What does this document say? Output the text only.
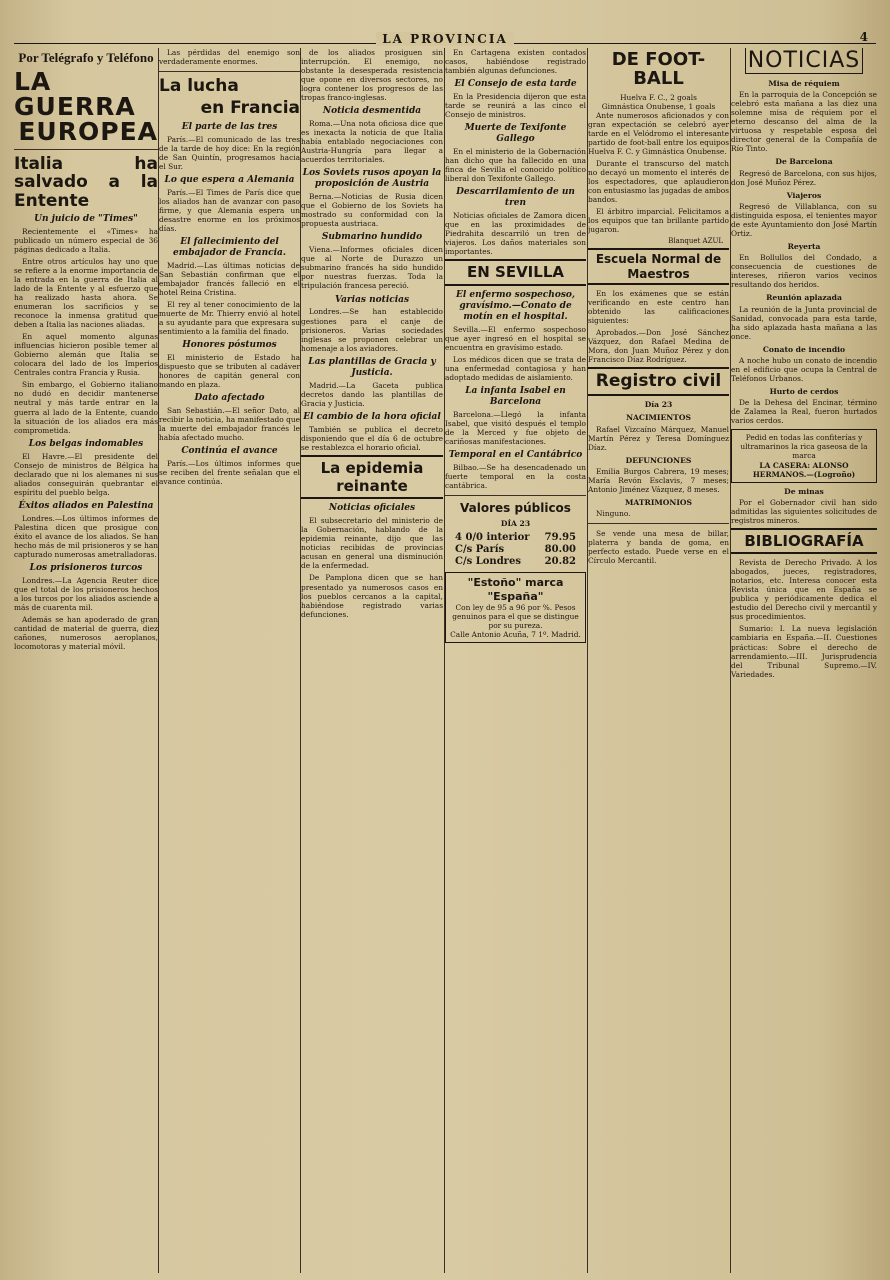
LA PROVINCIA	4
Por Telégrafo y Teléfono
LA GUERRA
EUROPEA
Italia ha salvado a la Entente
Un juicio de "Times"

Recientemente el «Times» ha publicado un número especial de 36 páginas dedicado a Italia.

Entre otros artículos hay uno que se refiere a la enorme importancia de la entrada en la guerra de Italia al lado de la Entente y al esfuerzo que ha realizado hasta ahora. Se enumeran los sacrificios y se reconoce la inmensa gratitud que deben a Italia las naciones aliadas.

En aquel momento algunas influencias hicieron posible temer al Gobierno alemán que Italia se colocara del lado de los Imperios Centrales contra Francia y Rusia.

Sin embargo, el Gobierno italiano no dudó en decidir mantenerse neutral y más tarde entrar en la guerra al lado de la Entente, cuando la situación de los aliados era más comprometida.

Los belgas indomables

El Havre.—El presidente del Consejo de ministros de Bélgica ha declarado que ni los alemanes ni sus aliados conseguirán quebrantar el espíritu del pueblo belga.

Éxitos aliados en Palestina

Londres.—Los últimos informes de Palestina dicen que prosigue con éxito el avance de los aliados. Se han hecho más de mil prisioneros y se han capturado numerosas ametralladoras.

Los prisioneros turcos

Londres.—La Agencia Reuter dice que el total de los prisioneros hechos a los turcos por los aliados asciende a más de cuarenta mil.

Además se han apoderado de gran cantidad de material de guerra, diez cañones, numerosos aeroplanos, locomotoras y material móvil.

Las pérdidas del enemigo son verdaderamente enormes.

La lucha
en Francia
El parte de las tres

París.—El comunicado de las tres de la tarde de hoy dice: En la región de San Quintín, progresamos hacia el Sur.

Lo que espera a Alemania

París.—El Times de París dice que los aliados han de avanzar con paso firme, y que Alemania espera un desastre enorme en los próximos días.

El fallecimiento del embajador de Francia.

Madrid.—Las últimas noticias de San Sebastián confirman que el embajador francés falleció en el hotel Reina Cristina.

El rey al tener conocimiento de la muerte de Mr. Thierry envió al hotel a su ayudante para que expresara su sentimiento a la familia del finado.

Honores póstumos

El ministerio de Estado ha dispuesto que se tributen al cadáver honores de capitán general con mando en plaza.

Dato afectado

San Sebastián.—El señor Dato, al recibir la noticia, ha manifestado que la muerte del embajador francés le había afectado mucho.

Continúa el avance

París.—Los últimos informes que se reciben del frente señalan que el avance continúa.

de los aliados prosiguen sin interrupción. El enemigo, no obstante la desesperada resistencia que opone en diversos sectores, no logra contener los progresos de las tropas franco-inglesas.

Noticia desmentida

Roma.—Una nota oficiosa dice que es inexacta la noticia de que Italia había entablado negociaciones con Austria-Hungría para llegar a acuerdos territoriales.

Los Soviets rusos apoyan la proposición de Austria

Berna.—Noticias de Rusia dicen que el Gobierno de los Soviets ha mostrado su conformidad con la propuesta austriaca.

Submarino hundido

Viena.—Informes oficiales dicen que al Norte de Durazzo un submarino francés ha sido hundido por nuestras fuerzas. Toda la tripulación francesa pereció.

Varias noticias

Londres.—Se han establecido gestiones para el canje de prisioneros. Varias sociedades inglesas se proponen celebrar un homenaje a los aviadores.

Las plantillas de Gracia y Justicia.

Madrid.—La Gaceta publica decretos dando las plantillas de Gracia y Justicia.

El cambio de la hora oficial

También se publica el decreto disponiendo que el día 6 de octubre se restablezca el horario oficial.

La epidemia reinante
Noticias oficiales

El subsecretario del ministerio de la Gobernación, hablando de la epidemia reinante, dijo que las noticias recibidas de provincias acusan en general una disminución de la enfermedad.

De Pamplona dicen que se han presentado ya numerosos casos en los pueblos cercanos a la capital, habiéndose registrado varias defunciones.

En Cartagena existen contados casos, habiéndose registrado también algunas defunciones.

El Consejo de esta tarde

En la Presidencia dijeron que esta tarde se reunirá a las cinco el Consejo de ministros.

Muerte de Texifonte Gallego

En el ministerio de la Gobernación han dicho que ha fallecido en una finca de Sevilla el conocido político liberal don Texifonte Gallego.

Descarrilamiento de un tren

Noticias oficiales de Zamora dicen que en las proximidades de Piedrahita descarriló un tren de viajeros. Los daños materiales son importantes.

EN SEVILLA
El enfermo sospechoso, gravísimo.—Conato de motín en el hospital.

Sevilla.—El enfermo sospechoso que ayer ingresó en el hospital se encuentra en gravísimo estado.

Los médicos dicen que se trata de una enfermedad contagiosa y han adoptado medidas de aislamiento.

La infanta Isabel en Barcelona

Barcelona.—Llegó la infanta Isabel, que visitó después el templo de la Merced y fue objeto de cariñosas manifestaciones.

Temporal en el Cantábrico

Bilbao.—Se ha desencadenado un fuerte temporal en la costa cantábrica.

Valores públicos
DÍA 23
4 0/0 interior 79.95
C/s París	80.00
C/s Londres 20.82
"Estoño" marca "España"
Con ley de 95 a 96 por %. Pesos genuinos para el que se distingue por su pureza.
Calle Antonio Acuña, 7 1º. Madrid.
DE FOOT-BALL
Huelva F. C., 2 goals
Gimnástica Onubense, 1 goals

Ante numerosos aficionados y con gran expectación se celebró ayer tarde en el Velódromo el interesante partido de foot-ball entre los equipos Huelva F. C. y Gimnástica Onubense.

Durante el transcurso del match no decayó un momento el interés de los espectadores, que aplaudieron con entusiasmo las jugadas de ambos bandos.

El árbitro imparcial. Felicitamos a los equipos que tan brillante partido jugaron.

Blanquet AZUL
Escuela Normal de Maestros

En los exámenes que se están verificando en este centro han obtenido las calificaciones siguientes:

Aprobados.—Don José Sánchez Vázquez, don Rafael Medina de Mora, don Juan Muñoz Pérez y don Francisco Díaz Rodríguez.

Registro civil
Día 23
NACIMIENTOS

Rafael Vizcaíno Márquez, Manuel Martín Pérez y Teresa Domínguez Díaz.

DEFUNCIONES

Emilia Burgos Cabrera, 19 meses; María Revón Esclavis, 7 meses; Antonio Jiménez Vázquez, 8 meses.

MATRIMONIOS

Ninguno.

Se vende una mesa de billar, platerra y banda de goma, en perfecto estado. Puede verse en el Círculo Mercantil.

NOTICIAS
Misa de réquiem

En la parroquia de la Concepción se celebró esta mañana a las diez una solemne misa de réquiem por el eterno descanso del alma de la virtuosa y respetable esposa del director general de la Compañía de Río Tinto.

De Barcelona

Regresó de Barcelona, con sus hijos, don José Muñoz Pérez.

Viajeros

Regresó de Villablanca, con su distinguida esposa, el tenientes mayor de este Ayuntamiento don José Martín Ortiz.

Reyerta

En Bollullos del Condado, a consecuencia de cuestiones de intereses, riñeron varios vecinos resultando dos heridos.

Reunión aplazada

La reunión de la Junta provincial de Sanidad, convocada para esta tarde, ha sido aplazada hasta mañana a las once.

Conato de incendio

A noche hubo un conato de incendio en el edificio que ocupa la Central de Teléfonos Urbanos.

Hurto de cerdos

De la Dehesa del Encinar, término de Zalamea la Real, fueron hurtados varios cerdos.

Pedid en todas las confiterías y ultramarinos la rica gaseosa de la marca
LA CASERA: ALONSO HERMANOS.—(Logroño)
De minas

Por el Gobernador civil han sido admitidas las siguientes solicitudes de registros mineros.

BIBLIOGRAFÍA

Revista de Derecho Privado. A los abogados, jueces, registradores, notarios, etc. Interesa conocer esta Revista única que en España se publica y periódicamente dedica el estudio del Derecho civil y mercantil y sus procedimientos.

Sumario: I. La nueva legislación cambiaria en España.—II. Cuestiones prácticas: Sobre el derecho de arrendamiento.—III. Jurisprudencia del Tribunal Supremo.—IV. Variedades.
